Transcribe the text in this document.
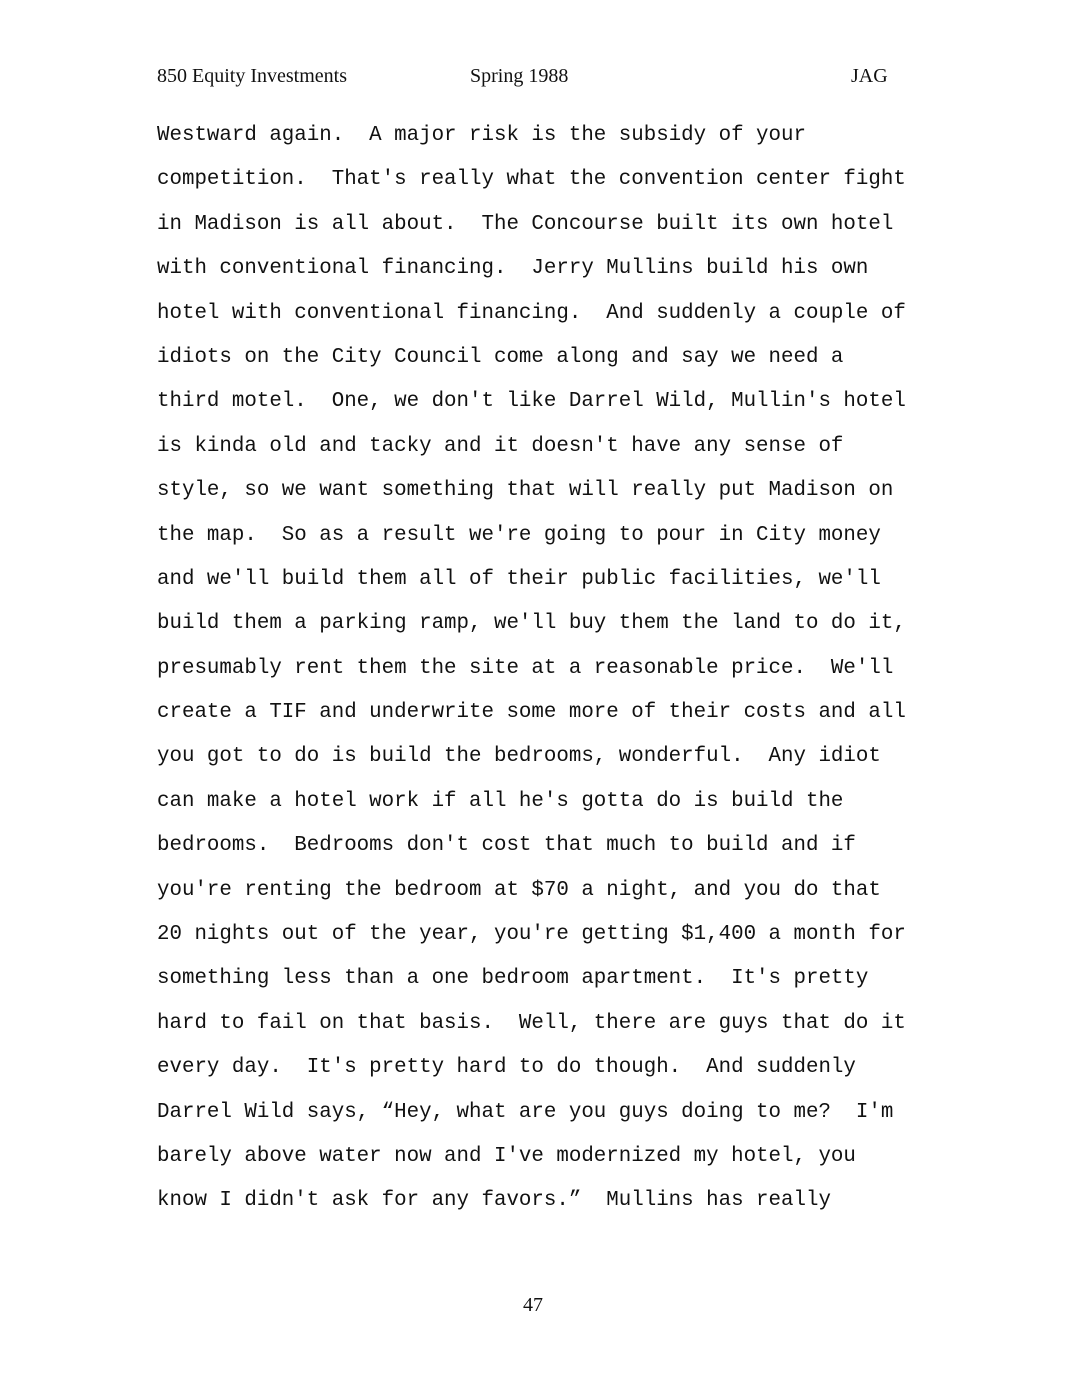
850 Equity Investments	Spring 1988	JAG
Westward again.  A major risk is the subsidy of your
competition.  That's really what the convention center fight
in Madison is all about.  The Concourse built its own hotel
with conventional financing.  Jerry Mullins build his own
hotel with conventional financing.  And suddenly a couple of
idiots on the City Council come along and say we need a
third motel.  One, we don't like Darrel Wild, Mullin's hotel
is kinda old and tacky and it doesn't have any sense of
style, so we want something that will really put Madison on
the map.  So as a result we're going to pour in City money
and we'll build them all of their public facilities, we'll
build them a parking ramp, we'll buy them the land to do it,
presumably rent them the site at a reasonable price.  We'll
create a TIF and underwrite some more of their costs and all
you got to do is build the bedrooms, wonderful.  Any idiot
can make a hotel work if all he's gotta do is build the
bedrooms.  Bedrooms don't cost that much to build and if
you're renting the bedroom at $70 a night, and you do that
20 nights out of the year, you're getting $1,400 a month for
something less than a one bedroom apartment.  It's pretty
hard to fail on that basis.  Well, there are guys that do it
every day.  It's pretty hard to do though.  And suddenly
Darrel Wild says, “Hey, what are you guys doing to me?  I'm
barely above water now and I've modernized my hotel, you
know I didn't ask for any favors.”  Mullins has really
47
